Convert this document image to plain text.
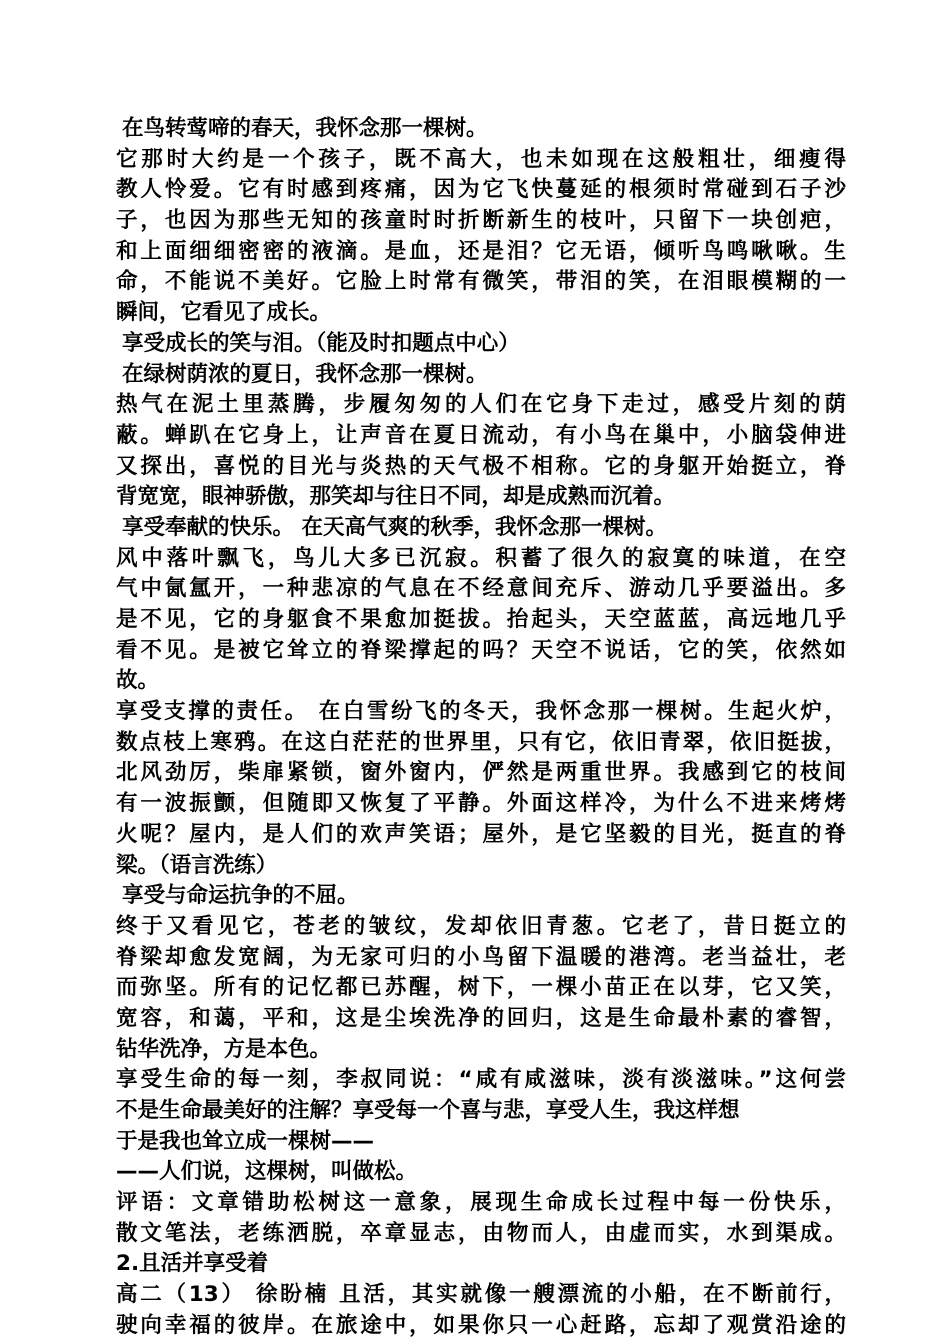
在鸟转莺啼的春天，我怀念那一棵树。
它那时大约是一个孩子，既不高大，也未如现在这般粗壮，细瘦得
教人怜爱。它有时感到疼痛，因为它飞快蔓延的根须时常碰到石子沙
子，也因为那些无知的孩童时时折断新生的枝叶，只留下一块创疤，
和上面细细密密的液滴。是血，还是泪？它无语，倾听鸟鸣啾啾。生
命，不能说不美好。它脸上时常有微笑，带泪的笑，在泪眼模糊的一
瞬间，它看见了成长。
享受成长的笑与泪。（能及时扣题点中心）
在绿树荫浓的夏日，我怀念那一棵树。
热气在泥土里蒸腾，步履匆匆的人们在它身下走过，感受片刻的荫
蔽。蝉趴在它身上，让声音在夏日流动，有小鸟在巢中，小脑袋伸进
又探出，喜悦的目光与炎热的天气极不相称。它的身躯开始挺立，脊
背宽宽，眼神骄傲，那笑却与往日不同，却是成熟而沉着。
享受奉献的快乐。 在天高气爽的秋季，我怀念那一棵树。
风中落叶飘飞，鸟儿大多已沉寂。积蓄了很久的寂寞的味道，在空
气中氤氲开，一种悲凉的气息在不经意间充斥、游动几乎要溢出。多
是不见，它的身躯食不果愈加挺拔。抬起头，天空蓝蓝，高远地几乎
看不见。是被它耸立的脊梁撑起的吗？天空不说话，它的笑，依然如
故。
享受支撑的责任。 在白雪纷飞的冬天，我怀念那一棵树。生起火炉，
数点枝上寒鸦。在这白茫茫的世界里，只有它，依旧青翠，依旧挺拔，
北风劲厉，柴扉紧锁，窗外窗内，俨然是两重世界。我感到它的枝间
有一波振颤，但随即又恢复了平静。外面这样冷，为什么不进来烤烤
火呢？屋内，是人们的欢声笑语；屋外，是它坚毅的目光，挺直的脊
梁。（语言洗练）
享受与命运抗争的不屈。
终于又看见它，苍老的皱纹，发却依旧青葱。它老了，昔日挺立的
脊梁却愈发宽阔，为无家可归的小鸟留下温暖的港湾。老当益壮，老
而弥坚。所有的记忆都已苏醒，树下，一棵小苗正在以芽，它又笑，
宽容，和蔼，平和，这是尘埃洗净的回归，这是生命最朴素的睿智，
钻华洗净，方是本色。
享受生命的每一刻，李叔同说：“咸有咸滋味，淡有淡滋味。”这何尝
不是生命最美好的注解？享受每一个喜与悲，享受人生，我这样想
于是我也耸立成一棵树——
——人们说，这棵树，叫做松。
评语：文章错助松树这一意象，展现生命成长过程中每一份快乐，
散文笔法，老练洒脱，卒章显志，由物而人，由虚而实，水到渠成。
2.且活并享受着
高二（13） 徐盼楠 且活，其实就像一艘漂流的小船，在不断前行，
驶向幸福的彼岸。在旅途中，如果你只一心赶路，忘却了观赏沿途的
